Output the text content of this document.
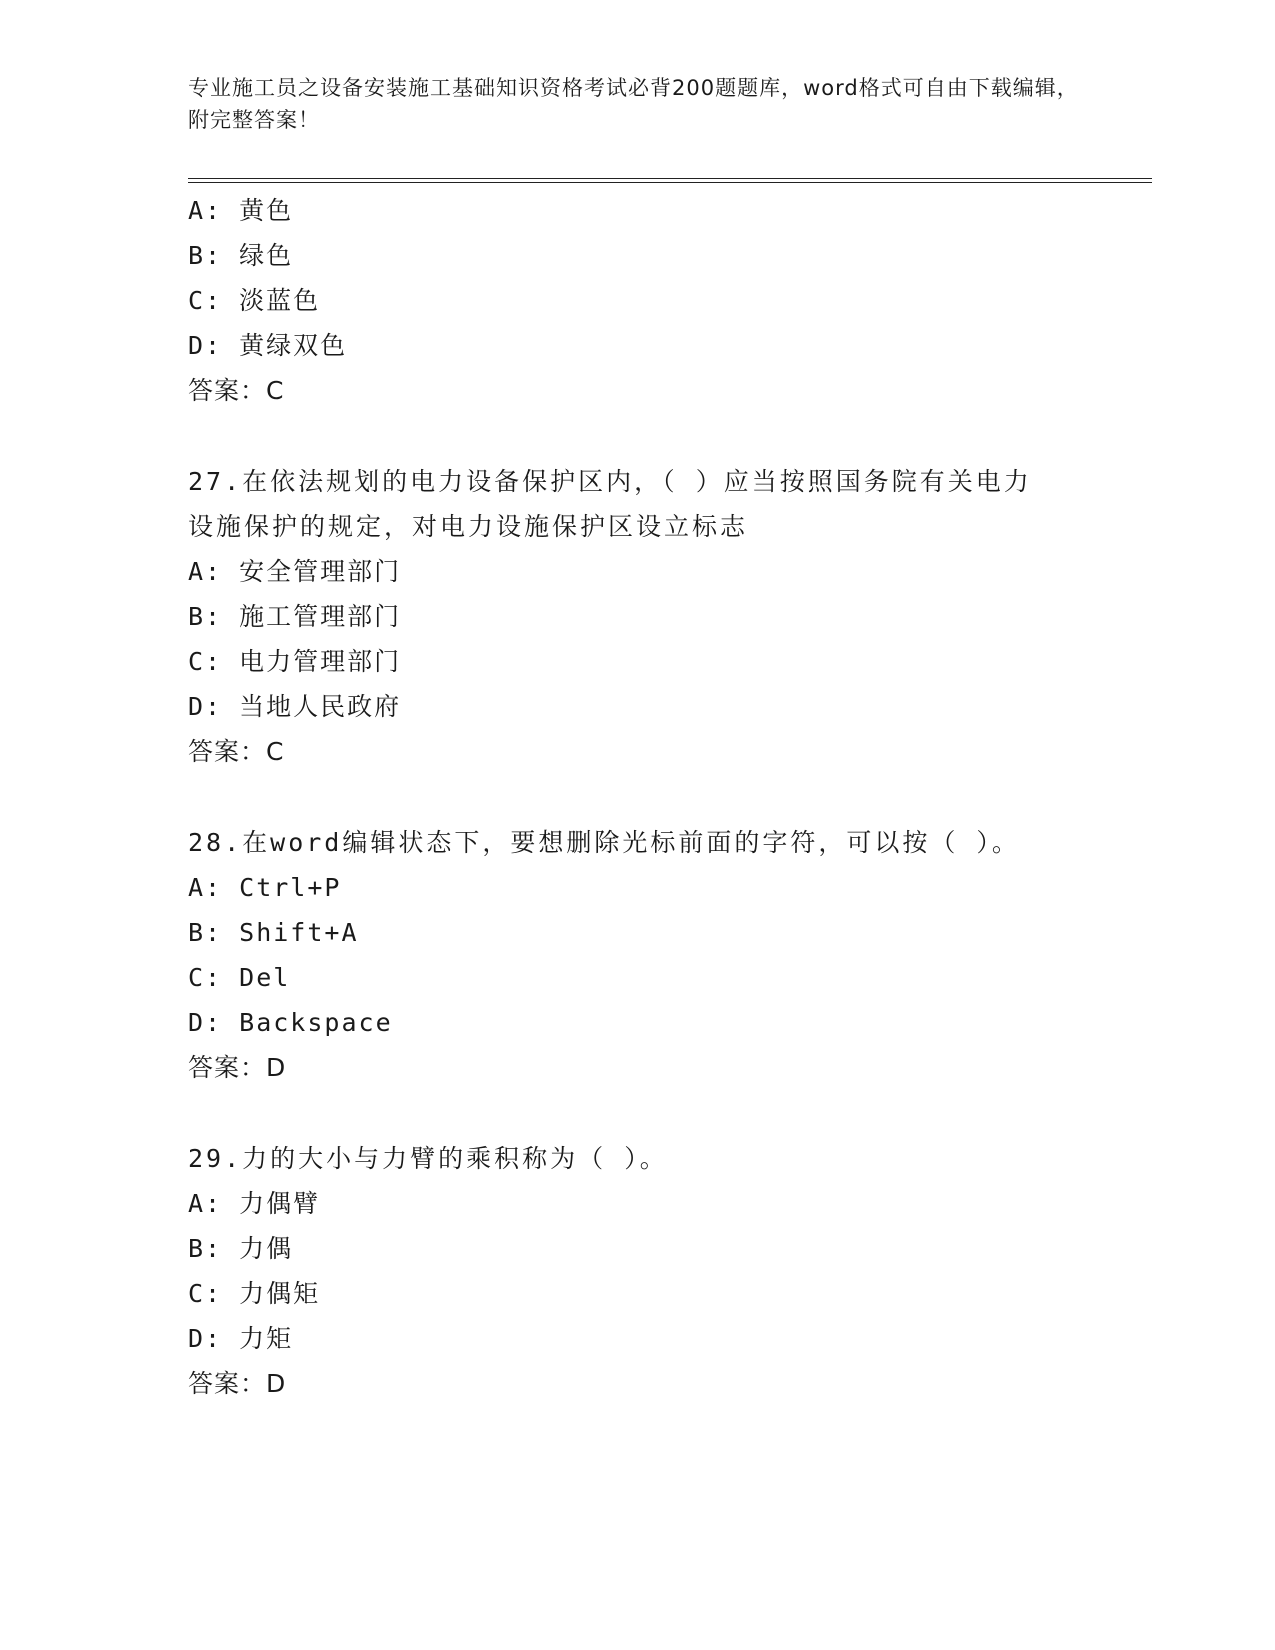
专业施工员之设备安装施工基础知识资格考试必背200题题库，word格式可自由下载编辑，附完整答案！
A: 黄色
B: 绿色
C: 淡蓝色
D: 黄绿双色
答案：C
27.在依法规划的电力设备保护区内，（ ）应当按照国务院有关电力
设施保护的规定，对电力设施保护区设立标志
A: 安全管理部门
B: 施工管理部门
C: 电力管理部门
D: 当地人民政府
答案：C
28.在word编辑状态下，要想删除光标前面的字符，可以按（ ）。
A: Ctrl+P
B: Shift+A
C: Del
D: Backspace
答案：D
29.力的大小与力臂的乘积称为（ ）。
A: 力偶臂
B: 力偶
C: 力偶矩
D: 力矩
答案：D
